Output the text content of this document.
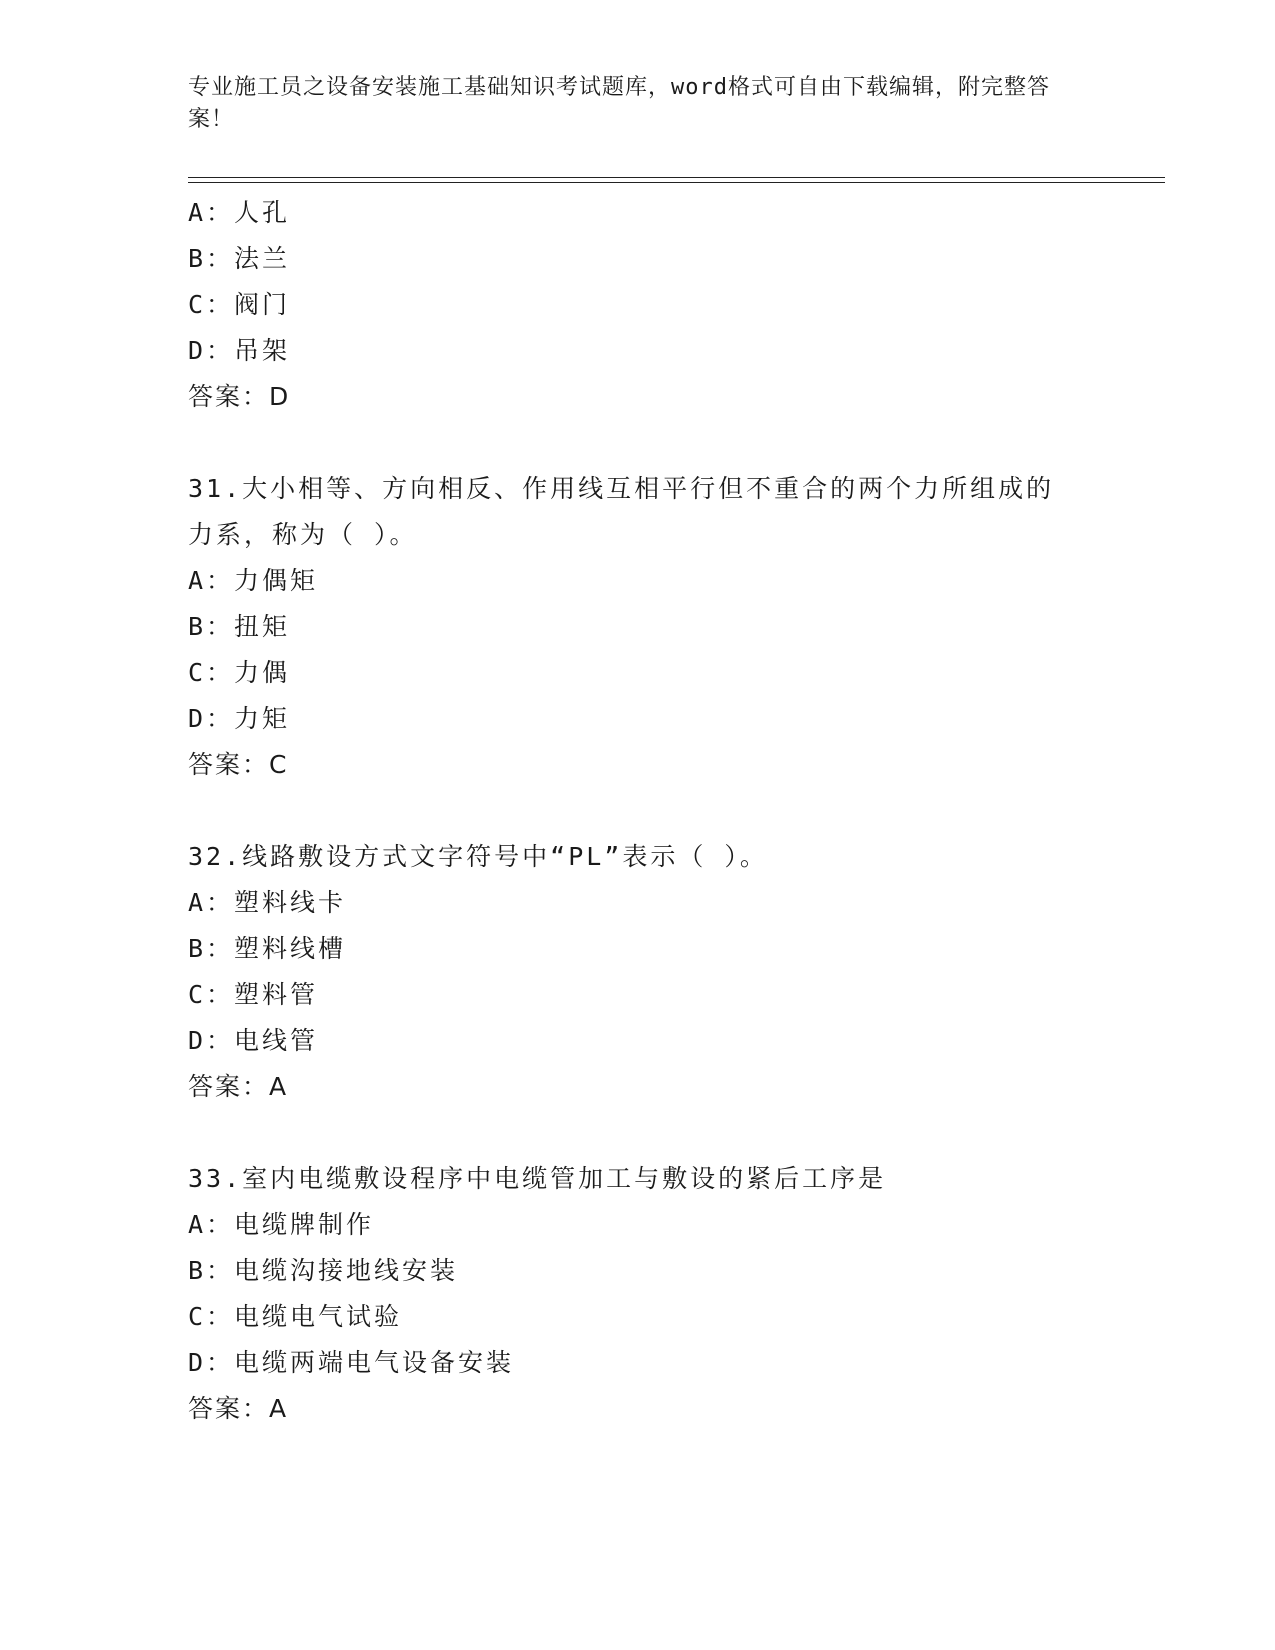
专业施工员之设备安装施工基础知识考试题库，word格式可自由下载编辑，附完整答案！
A：人孔
B：法兰
C：阀门
D：吊架
答案：D
31.大小相等、方向相反、作用线互相平行但不重合的两个力所组成的
力系，称为（ ）。
A：力偶矩
B：扭矩
C：力偶
D：力矩
答案：C
32.线路敷设方式文字符号中“PL”表示（ ）。
A：塑料线卡
B：塑料线槽
C：塑料管
D：电线管
答案：A
33.室内电缆敷设程序中电缆管加工与敷设的紧后工序是
A：电缆牌制作
B：电缆沟接地线安装
C：电缆电气试验
D：电缆两端电气设备安装
答案：A
